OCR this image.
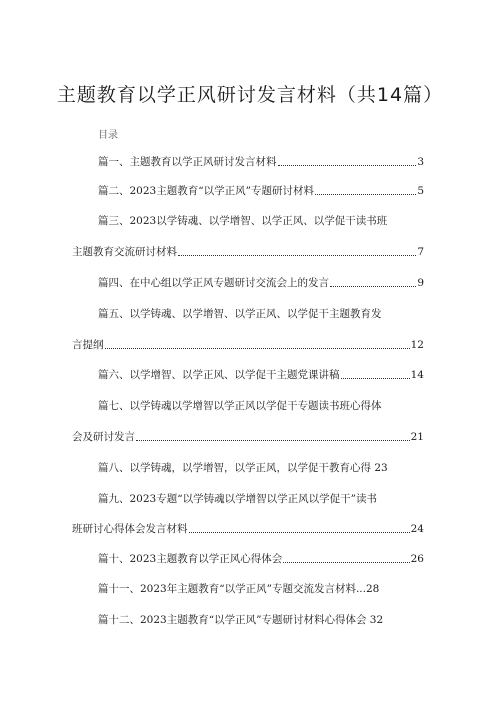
主题教育以学正风研讨发言材料（共14篇）
目录
篇一、主题教育以学正风研讨发言材料	3
篇二、2023主题教育“以学正风”专题研讨材料	5
篇三、2023以学铸魂、以学增智、以学正风、以学促干读书班
主题教育交流研讨材料	7
篇四、在中心组以学正风专题研讨交流会上的发言	9
篇五、以学铸魂、以学增智、以学正风、以学促干主题教育发
言提纲	12
篇六、以学增智、以学正风、以学促干主题党课讲稿	14
篇七、以学铸魂以学增智以学正风以学促干专题读书班心得体
会及研讨发言	21
篇八、以学铸魂，以学增智，以学正风，以学促干教育心得 23
篇九、2023专题“以学铸魂以学增智以学正风以学促干”读书
班研讨心得体会发言材料	24
篇十、2023主题教育以学正风心得体会	26
篇十一、2023年主题教育“以学正风”专题交流发言材料...28
篇十二、2023主题教育“以学正风”专题研讨材料心得体会 32
